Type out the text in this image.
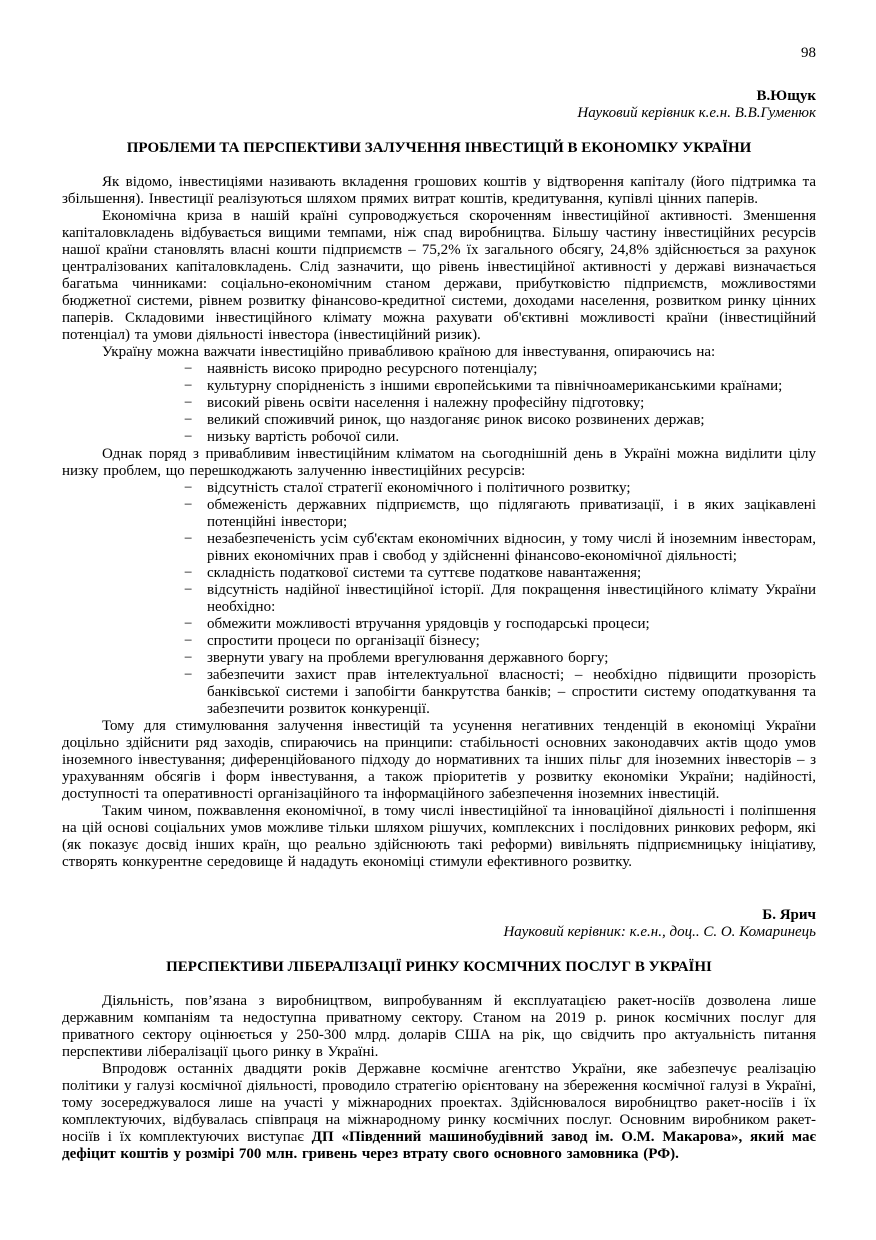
98
В.Ющук
Науковий керівник к.е.н. В.В.Гуменюк
ПРОБЛЕМИ ТА ПЕРСПЕКТИВИ ЗАЛУЧЕННЯ ІНВЕСТИЦІЙ В ЕКОНОМІКУ УКРАЇНИ

Як відомо, інвестиціями називають вкладення грошових коштів у відтворення капіталу (його підтримка та збільшення). Інвестиції реалізуються шляхом прямих витрат коштів, кредитування, купівлі цінних паперів.

Економічна криза в нашій країні супроводжується скороченням інвестиційної активності. Зменшення капіталовкладень відбувається вищими темпами, ніж спад виробництва. Більшу частину інвестиційних ресурсів нашої країни становлять власні кошти підприємств – 75,2% їх загального обсягу, 24,8% здійснюється за рахунок централізованих капіталовкладень. Слід зазначити, що рівень інвестиційної активності у державі визначається багатьма чинниками: соціально-економічним станом держави, прибутковістю підприємств, можливостями бюджетної системи, рівнем розвитку фінансово-кредитної системи, доходами населення, розвитком ринку цінних паперів. Складовими інвестиційного клімату можна рахувати об'єктивні можливості країни (інвестиційний потенціал) та умови діяльності інвестора (інвестиційний ризик).

Україну можна важчати інвестиційно привабливою країною для інвестування, опираючись на:

− наявність високо природно ресурсного потенціалу;
− культурну спорідненість з іншими європейськими та північноамериканськими країнами;
− високий рівень освіти населення і належну професійну підготовку;
− великий споживчий ринок, що наздоганяє ринок високо розвинених держав;
− низьку вартість робочої сили.

Однак поряд з привабливим інвестиційним кліматом на сьогоднішній день в Україні можна виділити цілу низку проблем, що перешкоджають залученню інвестиційних ресурсів:

− відсутність сталої стратегії економічного і політичного розвитку;
− обмеженість державних підприємств, що підлягають приватизації, і в яких зацікавлені потенційні інвестори;
− незабезпеченість усім суб'єктам економічних відносин, у тому числі й іноземним інвесторам, рівних економічних прав і свобод у здійсненні фінансово-економічної діяльності;
− складність податкової системи та суттєве податкове навантаження;
− відсутність надійної інвестиційної історії. Для покращення інвестиційного клімату України необхідно:
− обмежити можливості втручання урядовців у господарські процеси;
− спростити процеси по організації бізнесу;
− звернути увагу на проблеми врегулювання державного боргу;
− забезпечити захист прав інтелектуальної власності; – необхідно підвищити прозорість банківської системи і запобігти банкрутства банків; – спростити систему оподаткування та забезпечити розвиток конкуренції.

Тому для стимулювання залучення інвестицій та усунення негативних тенденцій в економіці України доцільно здійснити ряд заходів, спираючись на принципи: стабільності основних законодавчих актів щодо умов іноземного інвестування; диференційованого підходу до нормативних та інших пільг для іноземних інвесторів – з урахуванням обсягів і форм інвестування, а також пріоритетів у розвитку економіки України; надійності, доступності та оперативності організаційного та інформаційного забезпечення іноземних інвестицій.

Таким чином, пожвавлення економічної, в тому числі інвестиційної та інноваційної діяльності і поліпшення на цій основі соціальних умов можливе тільки шляхом рішучих, комплексних і послідовних ринкових реформ, які (як показує досвід інших країн, що реально здійснюють такі реформи) вивільнять підприємницьку ініціативу, створять конкурентне середовище й нададуть економіці стимули ефективного розвитку.

Б. Ярич
Науковий керівник: к.е.н., доц.. С. О. Комаринець
ПЕРСПЕКТИВИ ЛІБЕРАЛІЗАЦІЇ РИНКУ КОСМІЧНИХ ПОСЛУГ В УКРАЇНІ

Діяльність, пов’язана з виробництвом, випробуванням й експлуатацією ракет-носіїв дозволена лише державним компаніям та недоступна приватному сектору. Станом на 2019 р. ринок космічних послуг для приватного сектору оцінюється у 250-300 млрд. доларів США на рік, що свідчить про актуальність питання перспективи лібералізації цього ринку в Україні.

Впродовж останніх двадцяти років Державне космічне агентство України, яке забезпечує реалізацію політики у галузі космічної діяльності, проводило стратегію орієнтовану на збереження космічної галузі в Україні, тому зосереджувалося лише на участі у міжнародних проектах. Здійснювалося виробництво ракет-носіїв і їх комплектуючих, відбувалась співпраця на міжнародному ринку космічних послуг. Основним виробником ракет-носіїв і їх комплектуючих виступає ДП «Південний машинобудівний завод ім. О.М. Макарова», який має дефіцит коштів у розмірі 700 млн. гривень через втрату свого основного замовника (РФ).
